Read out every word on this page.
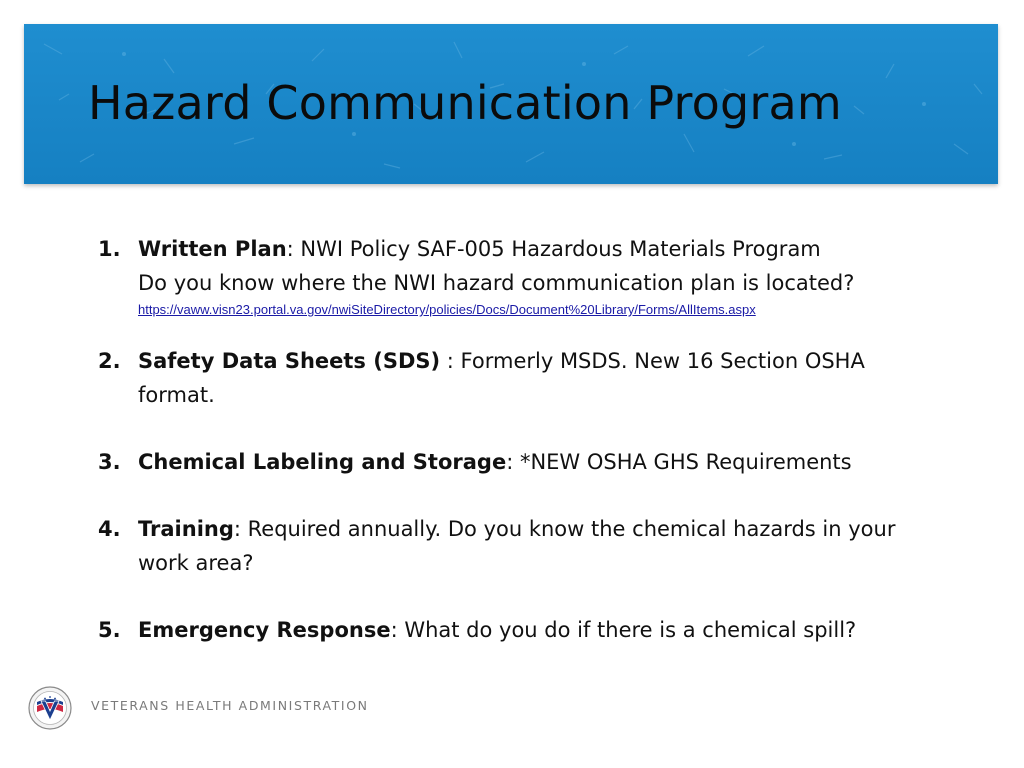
Hazard Communication Program
1. Written Plan: NWI Policy SAF-005 Hazardous Materials Program
Do you know where the NWI hazard communication plan is located?
https://vaww.visn23.portal.va.gov/nwiSiteDirectory/policies/Docs/Document%20Library/Forms/AllItems.aspx
2. Safety Data Sheets (SDS) : Formerly MSDS. New 16 Section OSHA format.
3. Chemical Labeling and Storage: *NEW OSHA GHS Requirements
4. Training: Required annually. Do you know the chemical hazards in your work area?
5. Emergency Response: What do you do if there is a chemical spill?
VETERANS HEALTH ADMINISTRATION
